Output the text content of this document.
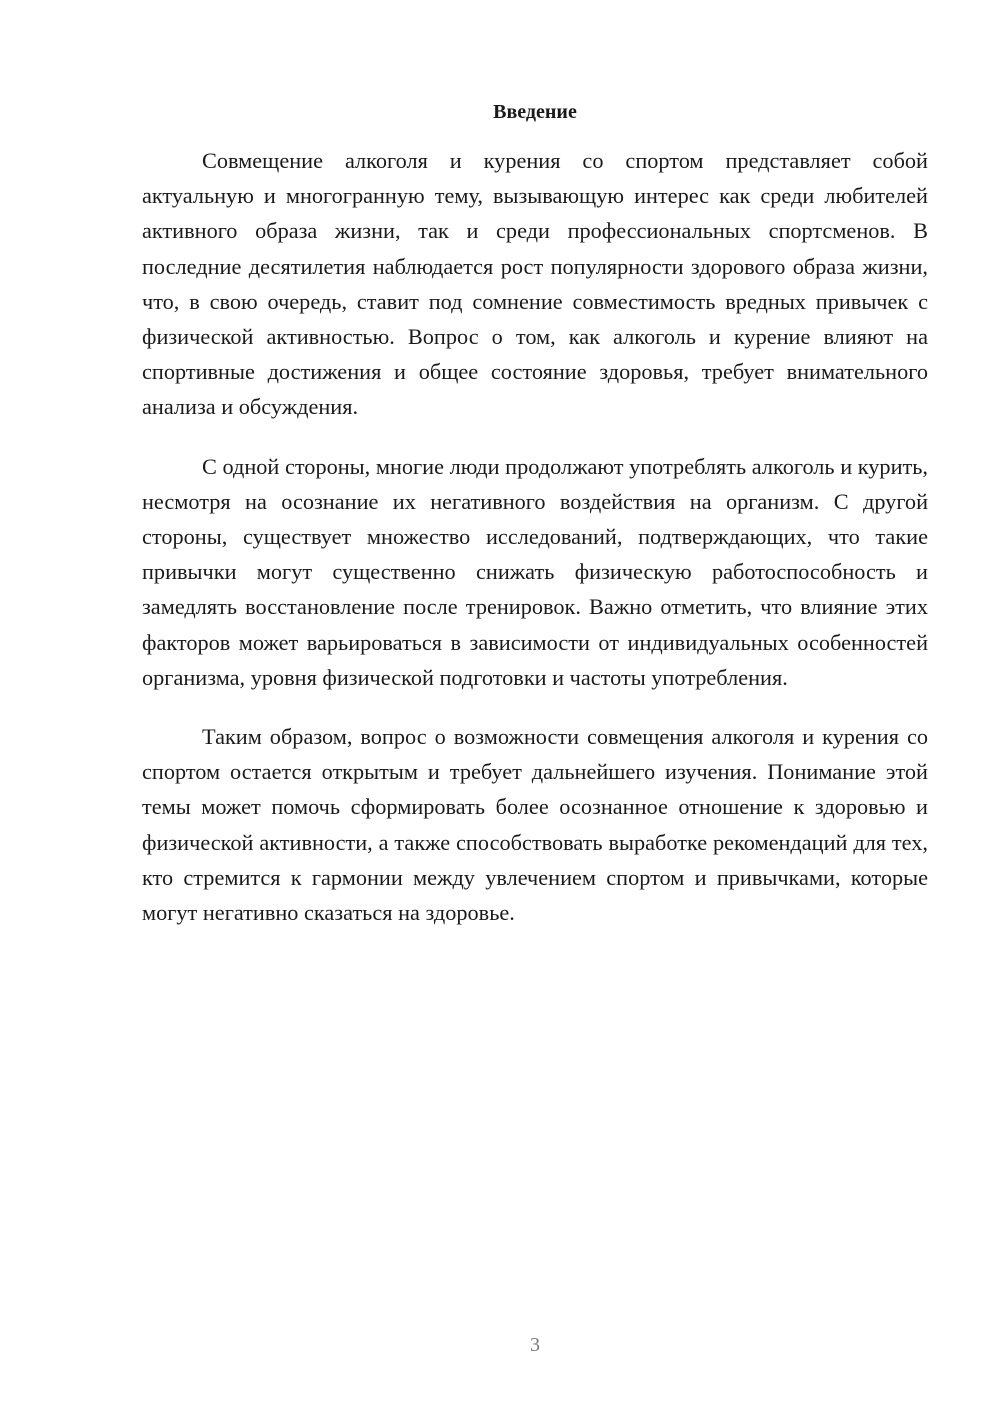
Введение

Совмещение алкоголя и курения со спортом представляет собой актуальную и многогранную тему, вызывающую интерес как среди любителей активного образа жизни, так и среди профессиональных спортсменов. В последние десятилетия наблюдается рост популярности здорового образа жизни, что, в свою очередь, ставит под сомнение совместимость вредных привычек с физической активностью. Вопрос о том, как алкоголь и курение влияют на спортивные достижения и общее состояние здоровья, требует внимательного анализа и обсуждения.

С одной стороны, многие люди продолжают употреблять алкоголь и курить, несмотря на осознание их негативного воздействия на организм. С другой стороны, существует множество исследований, подтверждающих, что такие привычки могут существенно снижать физическую работоспособность и замедлять восстановление после тренировок. Важно отметить, что влияние этих факторов может варьироваться в зависимости от индивидуальных особенностей организма, уровня физической подготовки и частоты употребления.

Таким образом, вопрос о возможности совмещения алкоголя и курения со спортом остается открытым и требует дальнейшего изучения. Понимание этой темы может помочь сформировать более осознанное отношение к здоровью и физической активности, а также способствовать выработке рекомендаций для тех, кто стремится к гармонии между увлечением спортом и привычками, которые могут негативно сказаться на здоровье.

3
